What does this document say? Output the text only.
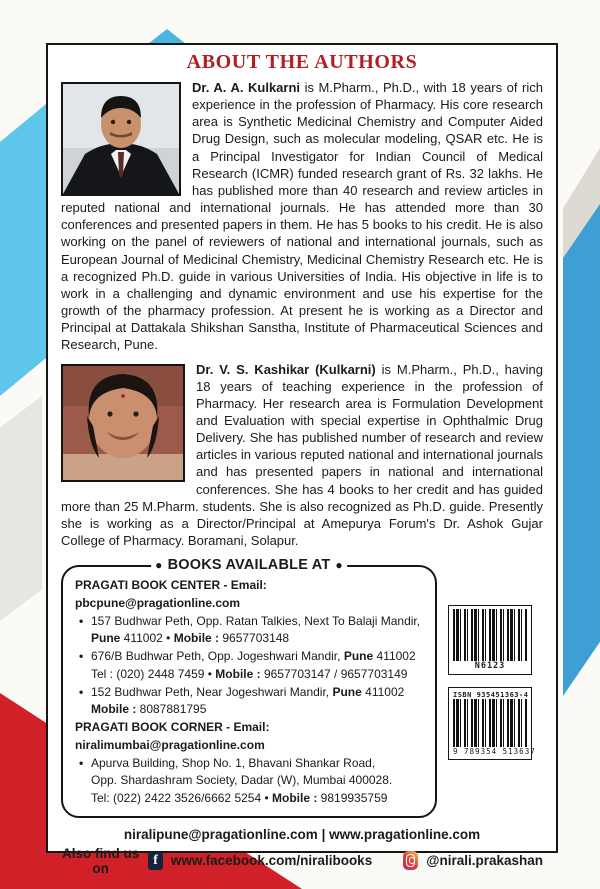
ABOUT THE AUTHORS
Dr. A. A. Kulkarni is M.Pharm., Ph.D., with 18 years of rich experience in the profession of Pharmacy. His core research area is Synthetic Medicinal Chemistry and Computer Aided Drug Design, such as molecular modeling, QSAR etc. He is a Principal Investigator for Indian Council of Medical Research (ICMR) funded research grant of Rs. 32 lakhs. He has published more than 40 research and review articles in reputed national and international journals. He has attended more than 30 conferences and presented papers in them. He has 5 books to his credit. He is also working on the panel of reviewers of national and international journals, such as European Journal of Medicinal Chemistry, Medicinal Chemistry Research etc. He is a recognized Ph.D. guide in various Universities of India. His objective in life is to work in a challenging and dynamic environment and use his expertise for the growth of the pharmacy profession. At present he is working as a Director and Principal at Dattakala Shikshan Sanstha, Institute of Pharmaceutical Sciences and Research, Pune.
Dr. V. S. Kashikar (Kulkarni) is M.Pharm., Ph.D., having 18 years of teaching experience in the profession of Pharmacy. Her research area is Formulation Development and Evaluation with special expertise in Ophthalmic Drug Delivery. She has published number of research and review articles in various reputed national and international journals and has presented papers in national and international conferences. She has 4 books to her credit and has guided more than 25 M.Pharm. students. She is also recognized as Ph.D. guide. Presently she is working as a Director/Principal at Amepurya Forum's Dr. Ashok Gujar College of Pharmacy. Boramani, Solapur.
● BOOKS AVAILABLE AT ●
PRAGATI BOOK CENTER - Email: pbcpune@pragationline.com
• 157 Budhwar Peth, Opp. Ratan Talkies, Next To Balaji Mandir,
Pune 411002 • Mobile : 9657703148
• 676/B Budhwar Peth, Opp. Jogeshwari Mandir, Pune 411002
Tel : (020) 2448 7459 • Mobile : 9657703147 / 9657703149
• 152 Budhwar Peth, Near Jogeshwari Mandir, Pune 411002
Mobile : 8087881795
PRAGATI BOOK CORNER - Email: niralimumbai@pragationline.com
• Apurva Building, Shop No. 1, Bhavani Shankar Road,
Opp. Shardashram Society, Dadar (W), Mumbai 400028.
Tel: (022) 2422 3526/6662 5254 • Mobile : 9819935759
N6123
ISBN 935451363-4
9 789354 513637
niralipune@pragationline.com | www.pragationline.com
Also find us on
f www.facebook.com/niralibooks	@nirali.prakashan
